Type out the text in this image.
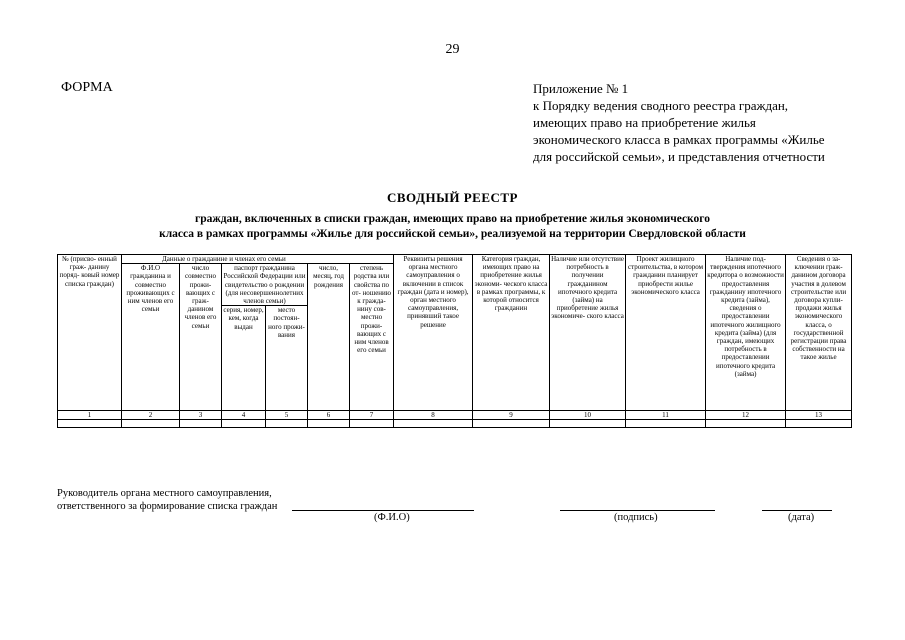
29
ФОРМА	Приложение № 1
к Порядку ведения сводного реестра граждан,
имеющих право на приобретение жилья
экономического класса в рамках программы «Жилье
для российской семьи», и представления отчетности
СВОДНЫЙ РЕЕСТР
граждан, включенных в списки граждан, имеющих право на приобретение жилья экономического
класса в рамках программы «Жилье для российской семьи», реализуемой на территории Свердловской области
№ (присво- енный граж- данину поряд- ковый номер списка граждан)	Данные о гражданине и членах его семьи						Реквизиты решения органа местного самоуправления о включении в список граждан (дата и номер), орган местного самоуправления, принявший такое решение	Категория граждан, имеющих право на приобретение жилья экономи- ческого класса в рамках программы, к которой относится гражданин	Наличие или отсутствие потребность в получении гражданином ипотечного кредита (займа) на приобретение жилья экономиче- ского класса	Проект жилищного строительства, в котором гражданин планирует приобрести жилье экономического класса	Наличие под- тверждения ипотечного кредитора о возможности предоставления гражданину ипотечного кредита (займа), сведения о предоставлении ипотечного жилищного кредита (займа) (для граждан, имеющих потребность в предоставлении ипотечного кредита (займа)	Сведения о за- ключении граж- данином договора участия в долевом строительстве или договора купли- продажи жилья экономического класса, о государственной регистрации права собственности на такое жилье
	Ф.И.О гражданина и совместно проживающих с ним членов его семьи	число совместно прожи- вающих с граж- данином членов его семьи	паспорт гражданина Российской Федерации или свидетельство о рождении (для несовершеннолетних членов семьи)		число, месяц, год рождения	степень родства или свойства по от- ношению к гражда- нину сов- местно прожи- вающих с ним членов его семьи						
			серия, номер, кем, когда выдан	место постоян- ного прожи- вания								
1	2	3	4	5	6	7	8	9	10	11	12	13

Руководитель органа местного самоуправления,
ответственного за формирование списка граждан
(Ф.И.О)	(подпись)	(дата)
